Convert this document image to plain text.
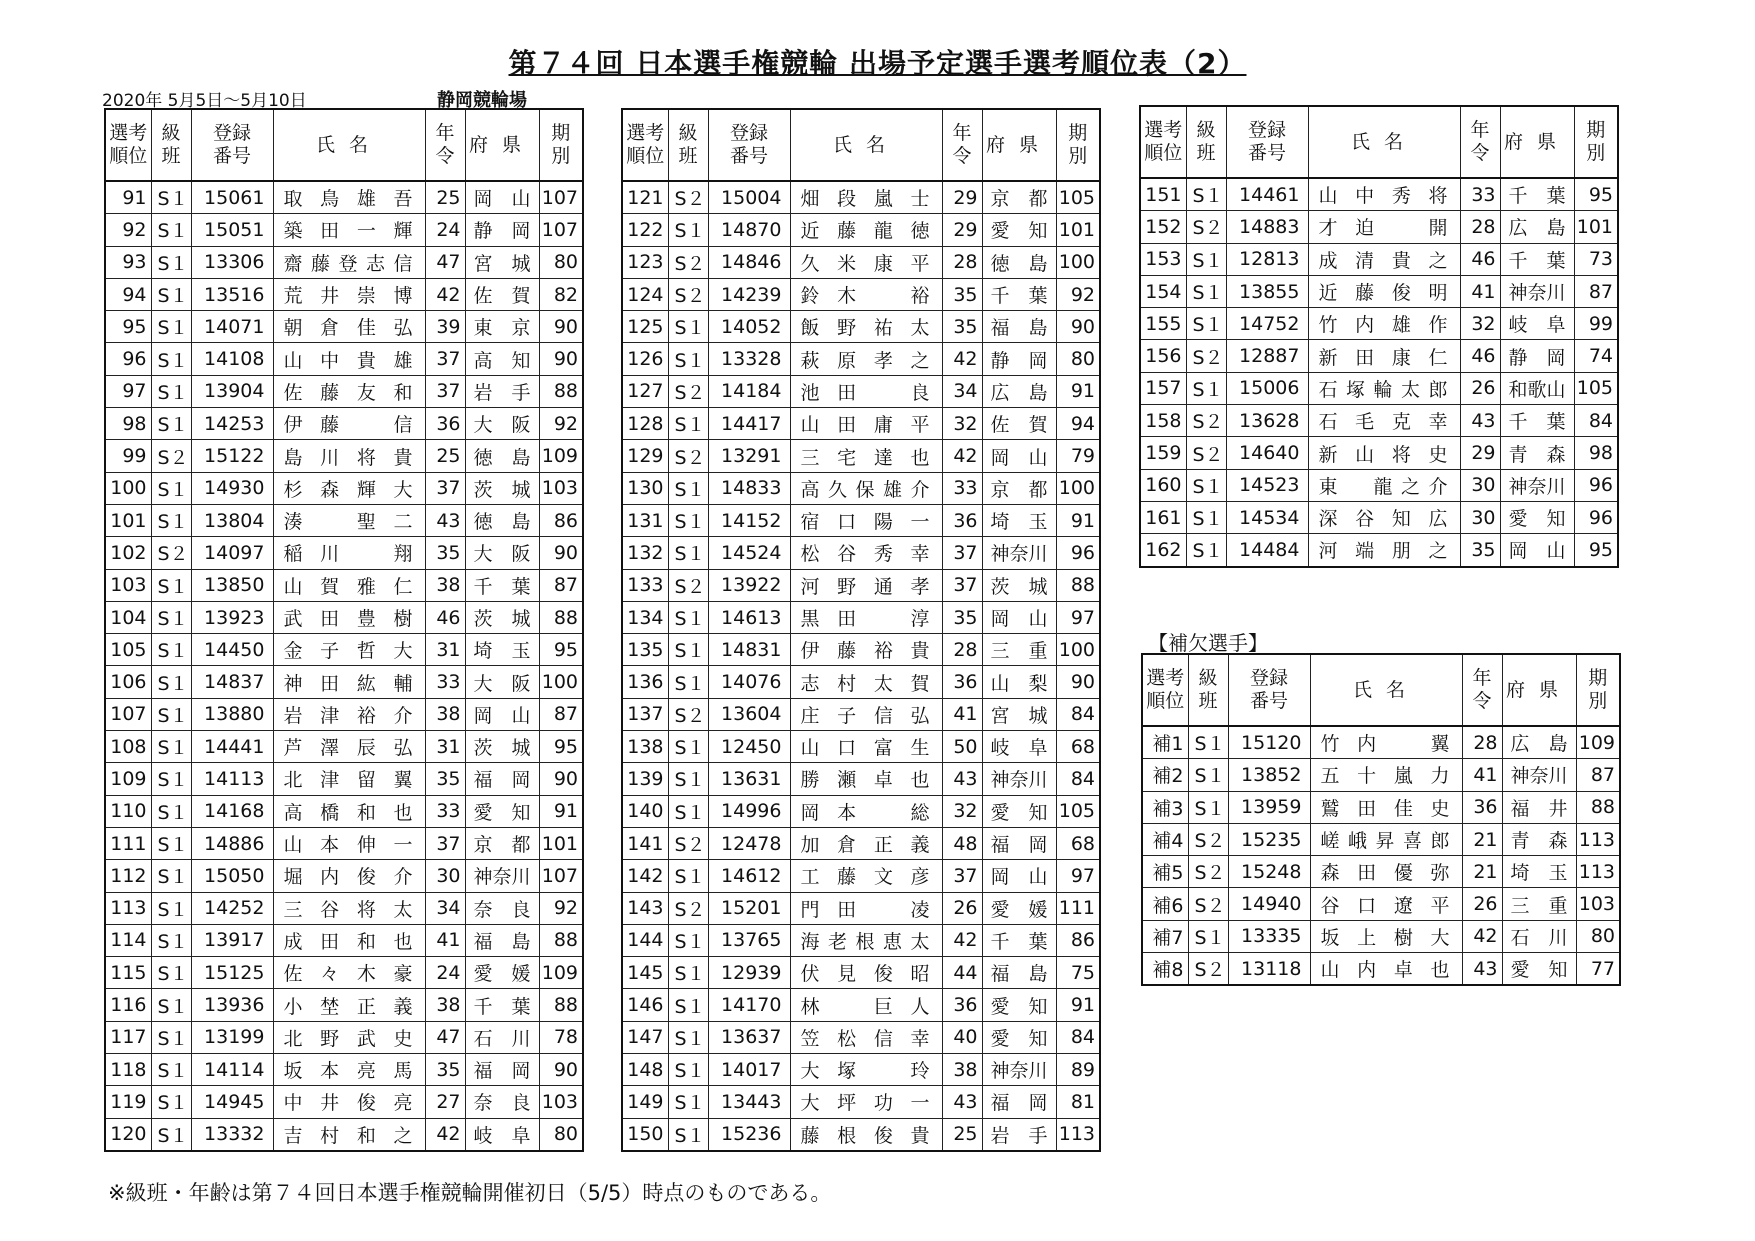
第７４回 日本選手権競輪 出場予定選手選考順位表（2）
2020年 5月5日～5月10日	静岡競輪場
選考
順位	級
班	登録
番号	氏名	年
令	府県	期
別
91	S１	15061	取鳥雄吾	25	岡山	107
92	S１	15051	築田一輝	24	静岡	107
93	S１	13306	齋藤登志信	47	宮城	80
94	S１	13516	荒井崇博	42	佐賀	82
95	S１	14071	朝倉佳弘	39	東京	90
96	S１	14108	山中貴雄	37	高知	90
97	S１	13904	佐藤友和	37	岩手	88
98	S１	14253	伊藤　信	36	大阪	92
99	S２	15122	島川将貴	25	徳島	109
100	S１	14930	杉森輝大	37	茨城	103
101	S１	13804	湊　聖二	43	徳島	86
102	S２	14097	稲川　翔	35	大阪	90
103	S１	13850	山賀雅仁	38	千葉	87
104	S１	13923	武田豊樹	46	茨城	88
105	S１	14450	金子哲大	31	埼玉	95
106	S１	14837	神田紘輔	33	大阪	100
107	S１	13880	岩津裕介	38	岡山	87
108	S１	14441	芦澤辰弘	31	茨城	95
109	S１	14113	北津留翼	35	福岡	90
110	S１	14168	高橋和也	33	愛知	91
111	S１	14886	山本伸一	37	京都	101
112	S１	15050	堀内俊介	30	神奈川	107
113	S１	14252	三谷将太	34	奈良	92
114	S１	13917	成田和也	41	福島	88
115	S１	15125	佐々木豪	24	愛媛	109
116	S１	13936	小埜正義	38	千葉	88
117	S１	13199	北野武史	47	石川	78
118	S１	14114	坂本亮馬	35	福岡	90
119	S１	14945	中井俊亮	27	奈良	103
120	S１	13332	吉村和之	42	岐阜	80
選考
順位	級
班	登録
番号	氏名	年
令	府県	期
別
121	S２	15004	畑段嵐士	29	京都	105
122	S１	14870	近藤龍徳	29	愛知	101
123	S２	14846	久米康平	28	徳島	100
124	S２	14239	鈴木　裕	35	千葉	92
125	S１	14052	飯野祐太	35	福島	90
126	S１	13328	萩原孝之	42	静岡	80
127	S２	14184	池田　良	34	広島	91
128	S１	14417	山田庸平	32	佐賀	94
129	S２	13291	三宅達也	42	岡山	79
130	S１	14833	高久保雄介	33	京都	100
131	S１	14152	宿口陽一	36	埼玉	91
132	S１	14524	松谷秀幸	37	神奈川	96
133	S２	13922	河野通孝	37	茨城	88
134	S１	14613	黒田　淳	35	岡山	97
135	S１	14831	伊藤裕貴	28	三重	100
136	S１	14076	志村太賀	36	山梨	90
137	S２	13604	庄子信弘	41	宮城	84
138	S１	12450	山口富生	50	岐阜	68
139	S１	13631	勝瀬卓也	43	神奈川	84
140	S１	14996	岡本　総	32	愛知	105
141	S２	12478	加倉正義	48	福岡	68
142	S１	14612	工藤文彦	37	岡山	97
143	S２	15201	門田　凌	26	愛媛	111
144	S１	13765	海老根恵太	42	千葉	86
145	S１	12939	伏見俊昭	44	福島	75
146	S１	14170	林　巨人	36	愛知	91
147	S１	13637	笠松信幸	40	愛知	84
148	S１	14017	大塚　玲	38	神奈川	89
149	S１	13443	大坪功一	43	福岡	81
150	S１	15236	藤根俊貴	25	岩手	113
選考
順位	級
班	登録
番号	氏名	年
令	府県	期
別
151	S１	14461	山中秀将	33	千葉	95
152	S２	14883	才迫　開	28	広島	101
153	S１	12813	成清貴之	46	千葉	73
154	S１	13855	近藤俊明	41	神奈川	87
155	S１	14752	竹内雄作	32	岐阜	99
156	S２	12887	新田康仁	46	静岡	74
157	S１	15006	石塚輪太郎	26	和歌山	105
158	S２	13628	石毛克幸	43	千葉	84
159	S２	14640	新山将史	29	青森	98
160	S１	14523	東　龍之介	30	神奈川	96
161	S１	14534	深谷知広	30	愛知	96
162	S１	14484	河端朋之	35	岡山	95
【補欠選手】
選考
順位	級
班	登録
番号	氏名	年
令	府県	期
別
補1	S１	15120	竹内　翼	28	広島	109
補2	S１	13852	五十嵐力	41	神奈川	87
補3	S１	13959	鷲田佳史	36	福井	88
補4	S２	15235	嵯峨昇喜郎	21	青森	113
補5	S２	15248	森田優弥	21	埼玉	113
補6	S２	14940	谷口遼平	26	三重	103
補7	S１	13335	坂上樹大	42	石川	80
補8	S２	13118	山内卓也	43	愛知	77
※級班・年齢は第７４回日本選手権競輪開催初日（5/5）時点のものである。
